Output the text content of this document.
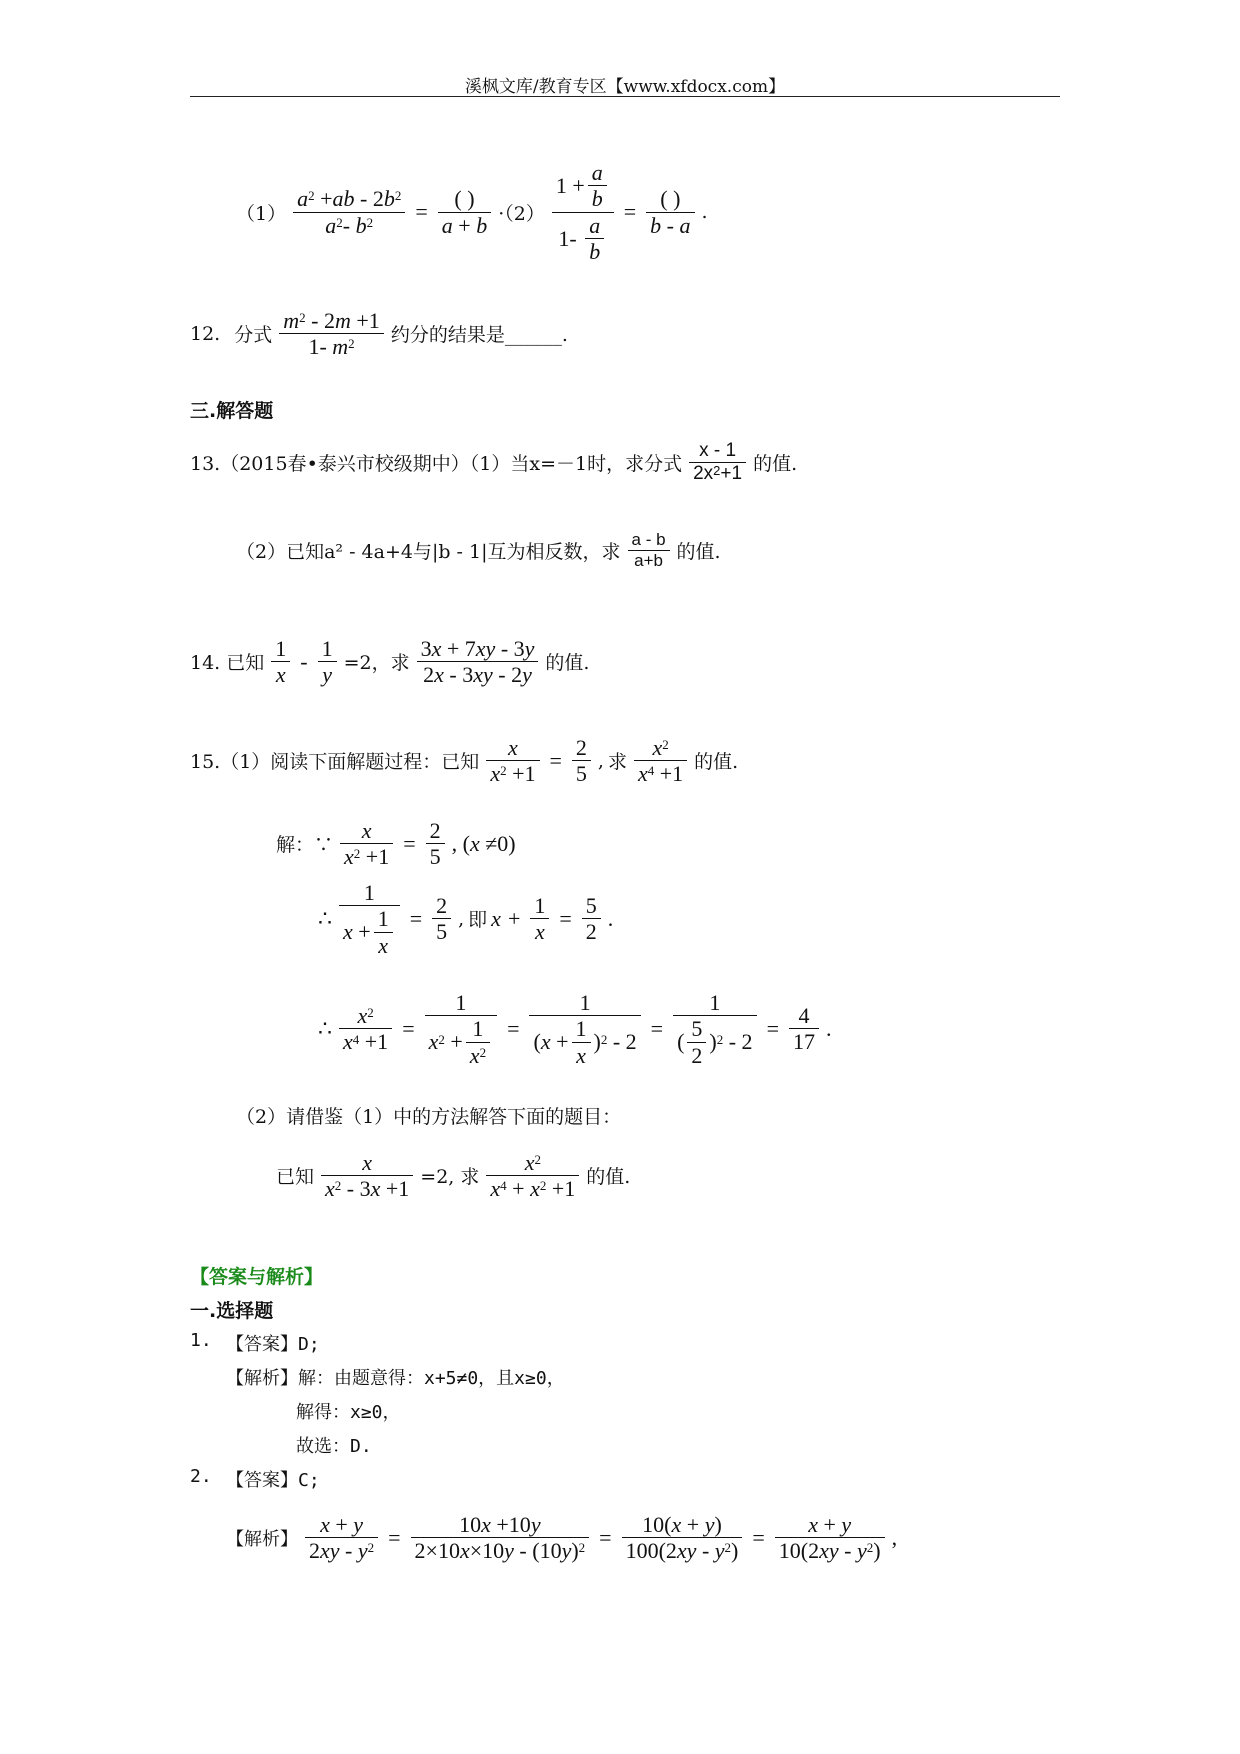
溪枫文库/教育专区【www.xfdocx.com】
$(1) \frac{a 2 + ab - 2 b 2}{a 2 - b 2} = \frac{( )}{a + b} \cdot(2) \frac{1 + \frac{a}{b}}{1- \frac{a}{b}} = \frac{( )}{b - a}$ .
12.
分式 $\frac{m 2 - 2 m +1}{1- m 2}$ 约分的结果是______.
三.解答题
13.（2015春•泰兴市校级期中）（1）当x=－1时，求分式 $\frac{x - 1}{2x 2 +1}$ 的值.
（2）已知a² - 4a+4与|b - 1|互为相反数，求 $\frac{a - b}{a+b}$ 的值.
14. 已知 $\frac{1}{x} - \frac{1}{y} =2$，求 $\frac{3 x + 7 xy - 3 y}{2 x - 3 xy - 2 y}$ 的值.
15.（1）阅读下面解题过程：已知 $\frac{x}{x 2 +1} = \frac{2}{5}$ , 求 $\frac{x 2}{x 4 +1}$ 的值.
解：∵ $\frac{x}{x 2 +1} = \frac{2}{5}$ , (x ≠0)
∴ $\frac{1}{x + \frac{1}{x}} = \frac{2}{5}$ , 即 $x + \frac{1}{x} = \frac{5}{2}$ .
∴ $\frac{x 2}{x 4 +1} = \frac{1}{x 2 + \frac{1}{x 2}} = \frac{1}{( x + \frac{1}{x} ) 2 - 2} = \frac{1}{( \frac{5}{2} ) 2 - 2} = \frac{4}{17}$ .
（2）请借鉴（1）中的方法解答下面的题目：
已知 $\frac{x}{x 2 - 3 x +1} =2$, 求 $\frac{x 2}{x 4 + x 2 +1}$ 的值.
【答案与解析】
一.选择题
1. 【答案】D;
【解析】解：由题意得：x+5≠0，且x≥0，
解得：x≥0，
故选：D.
2. 【答案】C;
【解析】 $\frac{x + y}{2 xy - y 2} = \frac{10 x +10 y}{2\times 10 x \times 10 y - (10 y ) 2} = \frac{10( x + y )}{100(2 xy - y 2 )} = \frac{x + y}{10(2 xy - y 2 )}$ ,
